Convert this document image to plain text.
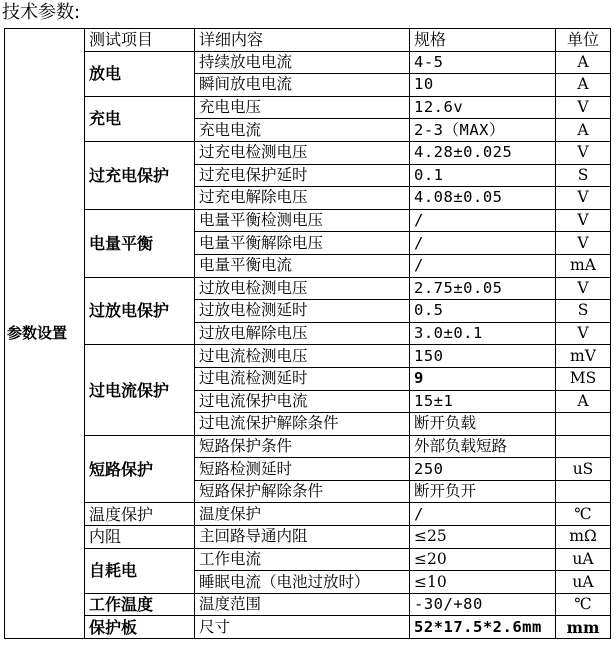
技术参数:
参数设置	测试项目	详细内容	规格	单位
	放电	持续放电电流	4-5	A
		瞬间放电电流	10	A
	充电	充电电压	12.6v	V
		充电电流	2-3（MAX）	A
	过充电保护	过充电检测电压	4.28±0.025	V
		过充电保护延时	0.1	S
		过充电解除电压	4.08±0.05	V
	电量平衡	电量平衡检测电压	/	V
		电量平衡解除电压	/	V
		电量平衡电流	/	mA
	过放电保护	过放电检测电压	2.75±0.05	V
		过放电检测延时	0.5	S
		过放电解除电压	3.0±0.1	V
	过电流保护	过电流检测电压	150	mV
		过电流检测延时	9	MS
		过电流保护电流	15±1	A
		过电流保护解除条件	断开负载	
	短路保护	短路保护条件	外部负载短路	
		短路检测延时	250	uS
		短路保护解除条件	断开负开	
	温度保护	温度保护	/	℃
	内阻	主回路导通内阻	≤25	mΩ
	自耗电	工作电流	≤20	uA
		睡眠电流（电池过放时）	≤10	uA
	工作温度	温度范围	-30/+80	℃
	保护板	尺寸	52*17.5*2.6mm	mm
